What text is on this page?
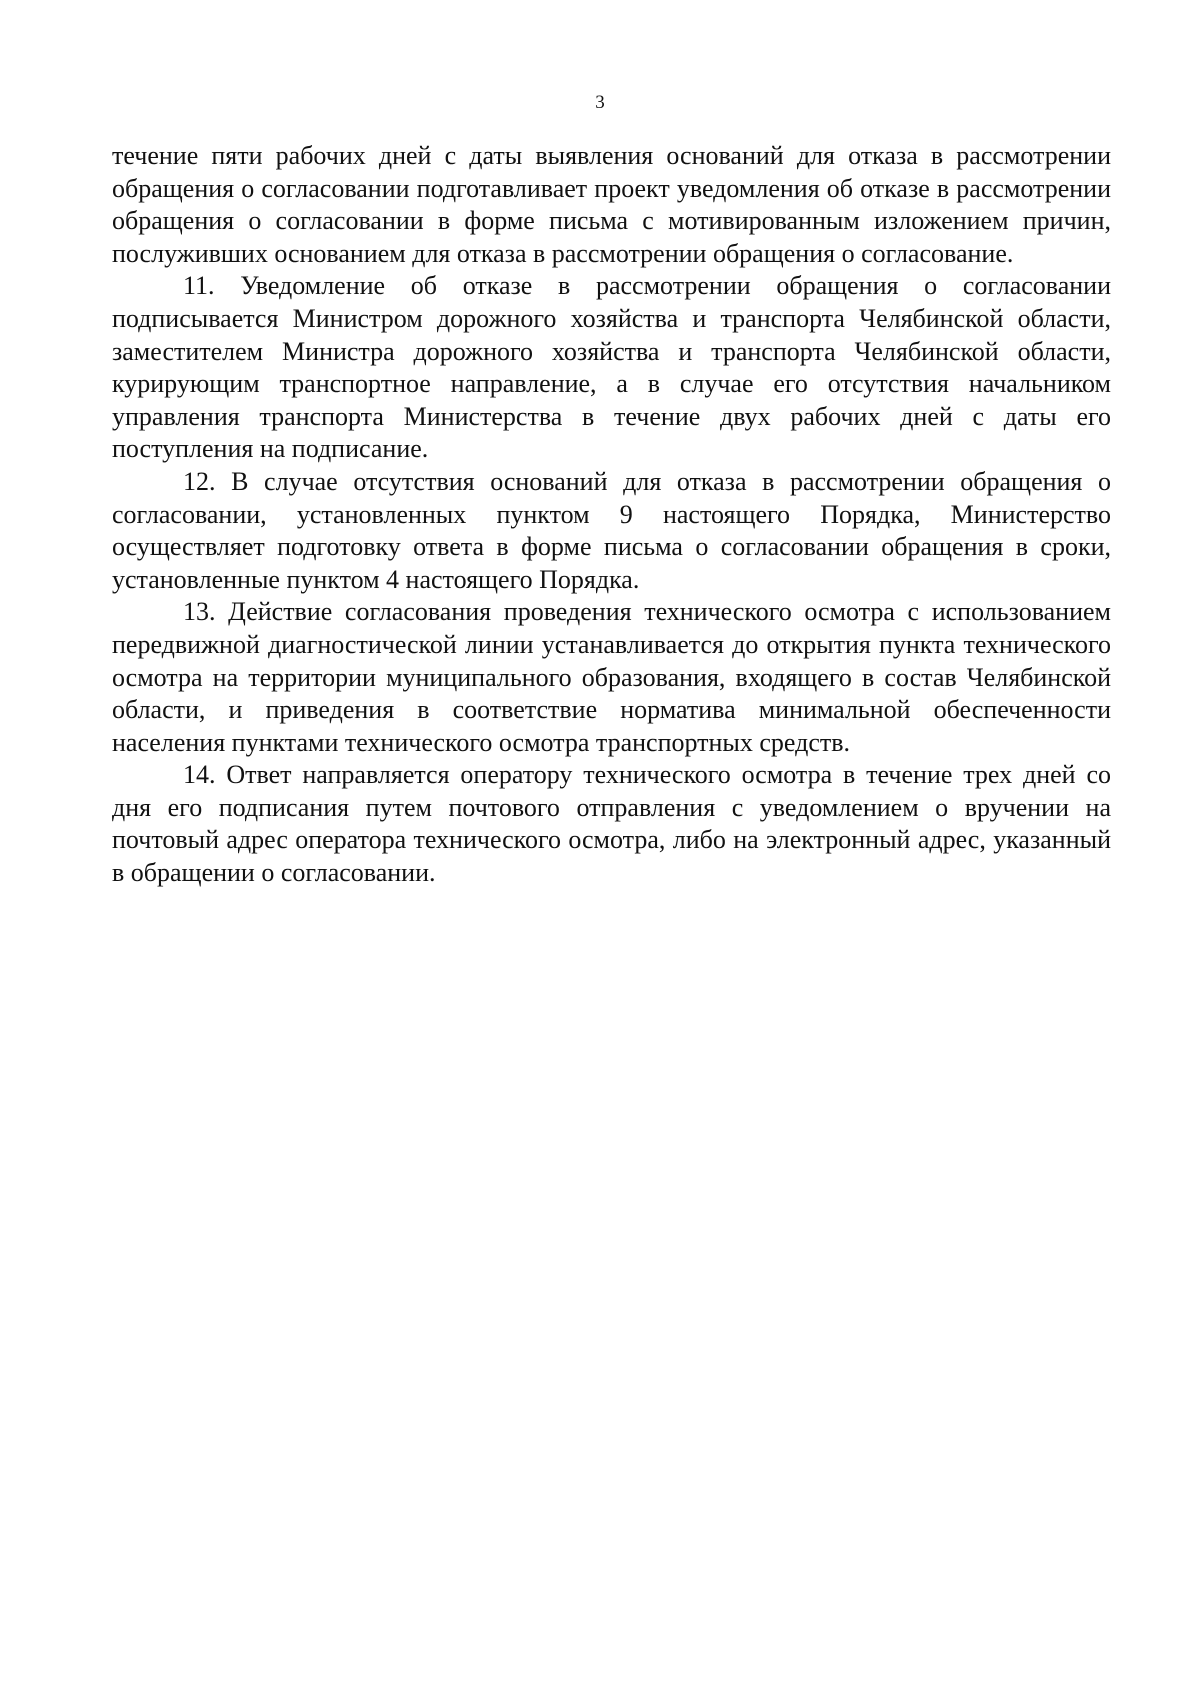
3

течение пяти рабочих дней с даты выявления оснований для отказа в рассмотрении обращения о согласовании подготавливает проект уведомления об отказе в рассмотрении обращения о согласовании в форме письма с мотивированным изложением причин, послуживших основанием для отказа в рассмотрении обращения о согласование.

11. Уведомление об отказе в рассмотрении обращения о согласовании подписывается Министром дорожного хозяйства и транспорта Челябинской области, заместителем Министра дорожного хозяйства и транспорта Челябинской области, курирующим транспортное направление, а в случае его отсутствия начальником управления транспорта Министерства в течение двух рабочих дней с даты его поступления на подписание.

12. В случае отсутствия оснований для отказа в рассмотрении обращения о согласовании, установленных пунктом 9 настоящего Порядка, Министерство осуществляет подготовку ответа в форме письма о согласовании обращения в сроки, установленные пунктом 4 настоящего Порядка.

13. Действие согласования проведения технического осмотра с использованием передвижной диагностической линии устанавливается до открытия пункта технического осмотра на территории муниципального образования, входящего в состав Челябинской области, и приведения в соответствие норматива минимальной обеспеченности населения пунктами технического осмотра транспортных средств.

14. Ответ направляется оператору технического осмотра в течение трех дней со дня его подписания путем почтового отправления с уведомлением о вручении на почтовый адрес оператора технического осмотра, либо на электронный адрес, указанный в обращении о согласовании.
